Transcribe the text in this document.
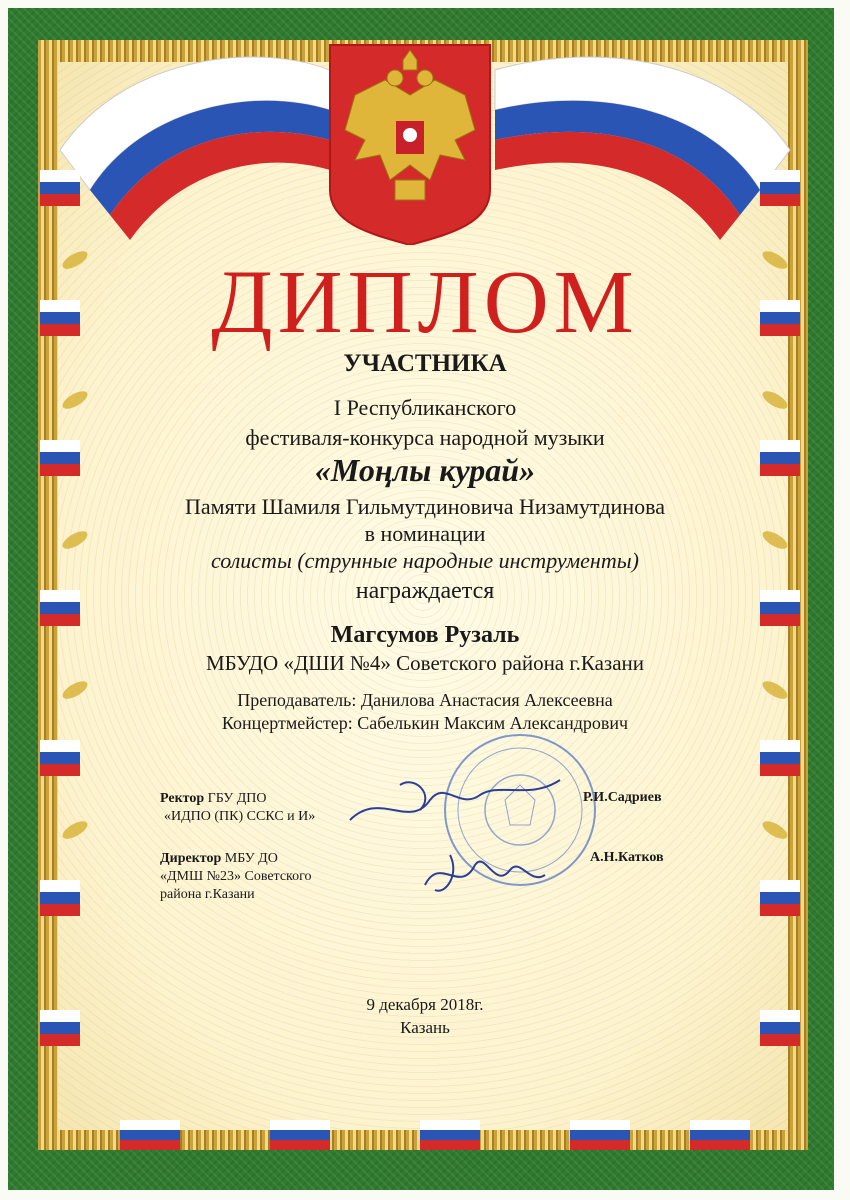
ДИПЛОМ
УЧАСТНИКА
I Республиканского
фестиваля-конкурса народной музыки
«Моңлы курай»
Памяти Шамиля Гильмутдиновича Низамутдинова
в номинации
солисты (струнные народные инструменты)
награждается
Магсумов Рузаль
МБУДО «ДШИ №4» Советского района г.Казани
Преподаватель: Данилова Анастасия Алексеевна
Концертмейстер: Сабелькин Максим Александрович
Ректор ГБУ ДПО
«ИДПО (ПК) ССКС и И»
Р.И.Садриев
Директор МБУ ДО
«ДМШ №23» Советского
района г.Казани
А.Н.Катков
9 декабря 2018г.
Казань
